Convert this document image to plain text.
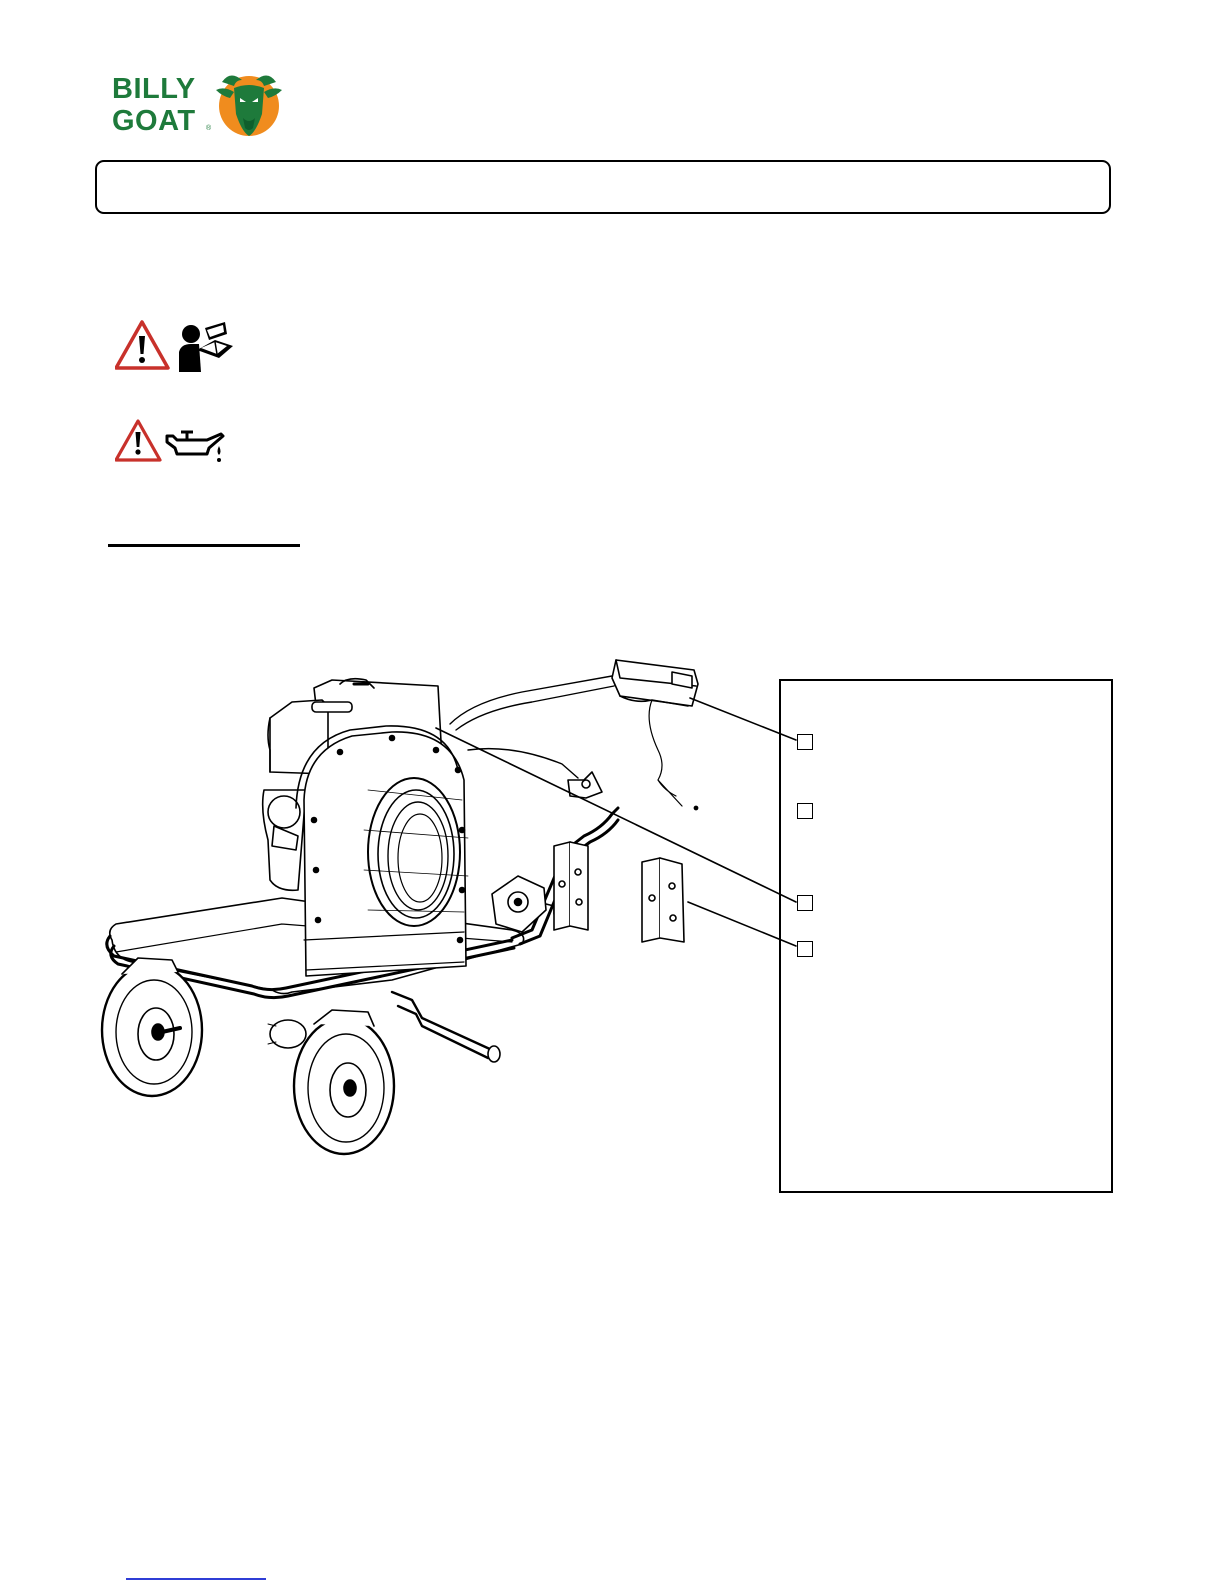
BILLY
GOAT ®
